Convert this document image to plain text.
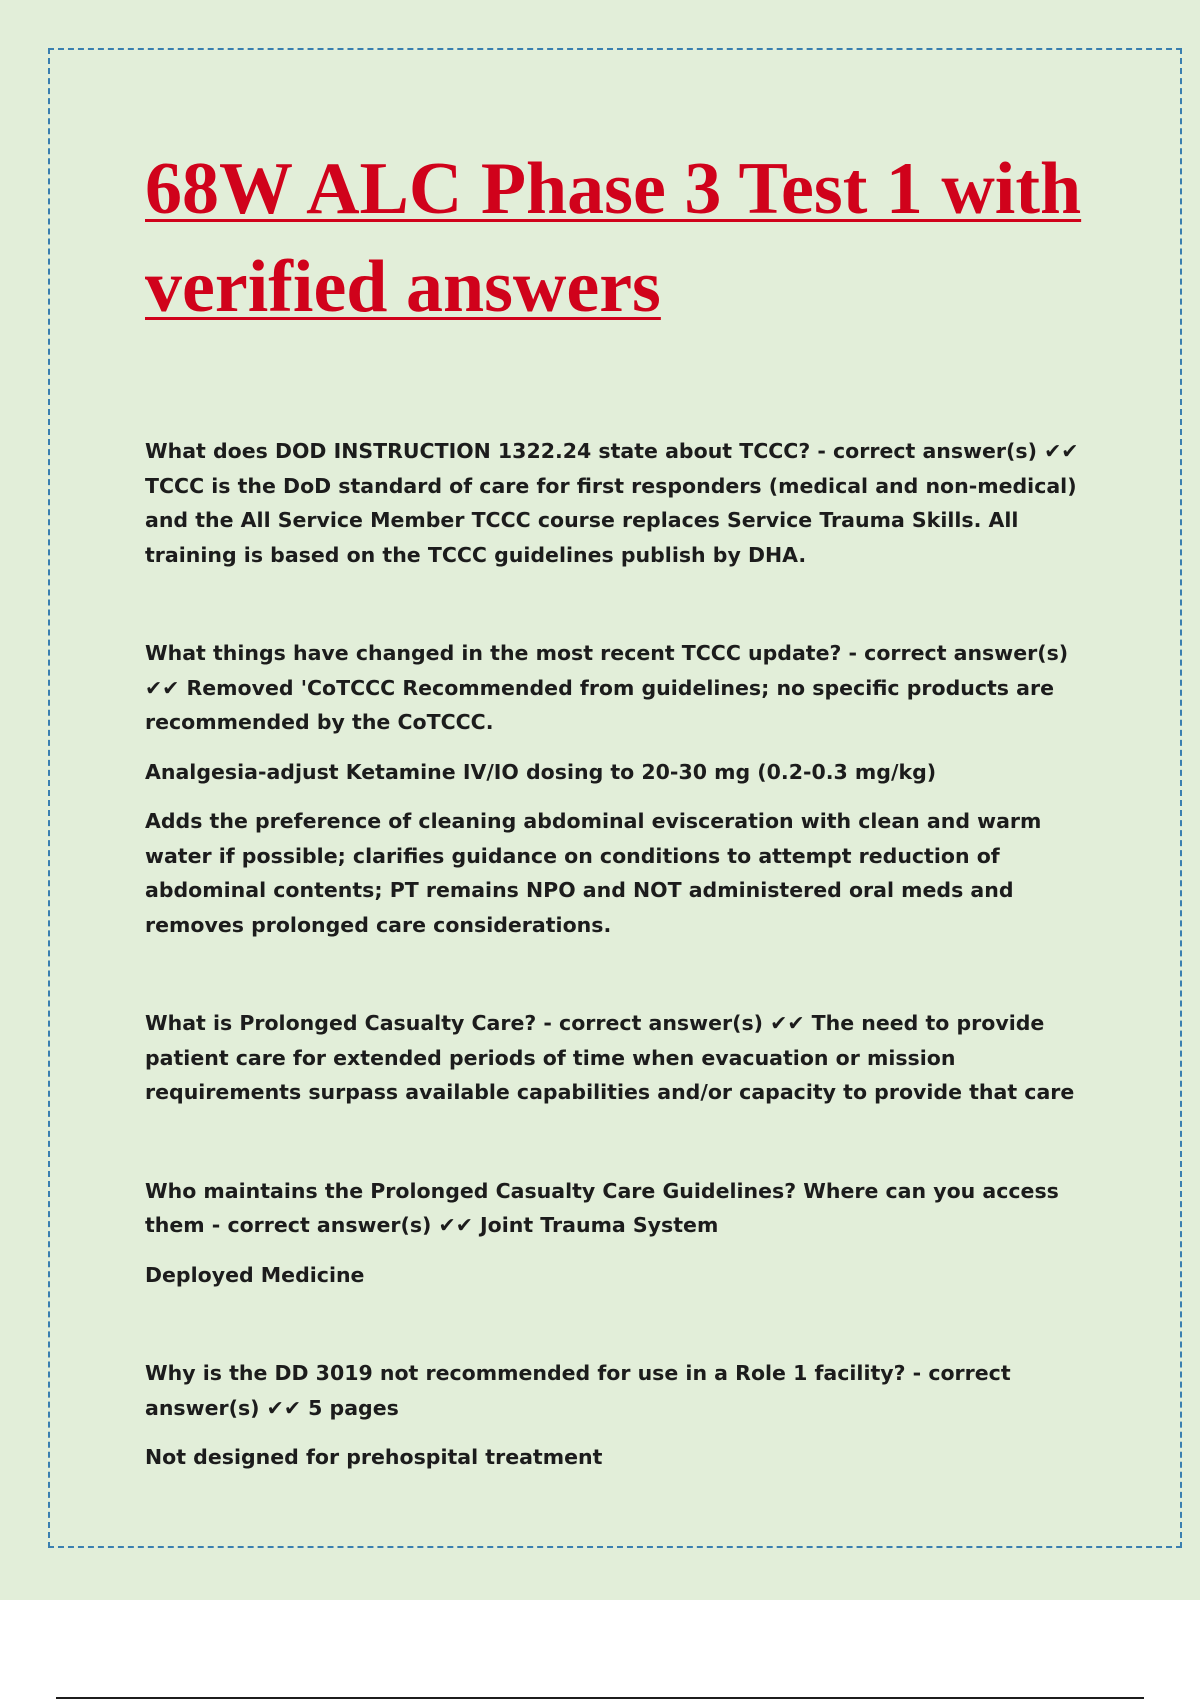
68W ALC Phase 3 Test 1 with verified answers

What does DOD INSTRUCTION 1322.24 state about TCCC? - correct answer(s) ✔✔ TCCC is the DoD standard of care for first responders (medical and non-medical) and the All Service Member TCCC course replaces Service Trauma Skills. All training is based on the TCCC guidelines publish by DHA.

What things have changed in the most recent TCCC update? - correct answer(s) ✔✔ Removed 'CoTCCC Recommended from guidelines; no specific products are recommended by the CoTCCC.

Analgesia-adjust Ketamine IV/IO dosing to 20-30 mg (0.2-0.3 mg/kg)

Adds the preference of cleaning abdominal evisceration with clean and warm water if possible; clarifies guidance on conditions to attempt reduction of abdominal contents; PT remains NPO and NOT administered oral meds and removes prolonged care considerations.

What is Prolonged Casualty Care? - correct answer(s) ✔✔ The need to provide patient care for extended periods of time when evacuation or mission requirements surpass available capabilities and/or capacity to provide that care

Who maintains the Prolonged Casualty Care Guidelines? Where can you access them - correct answer(s) ✔✔ Joint Trauma System

Deployed Medicine

Why is the DD 3019 not recommended for use in a Role 1 facility? - correct answer(s) ✔✔ 5 pages

Not designed for prehospital treatment
